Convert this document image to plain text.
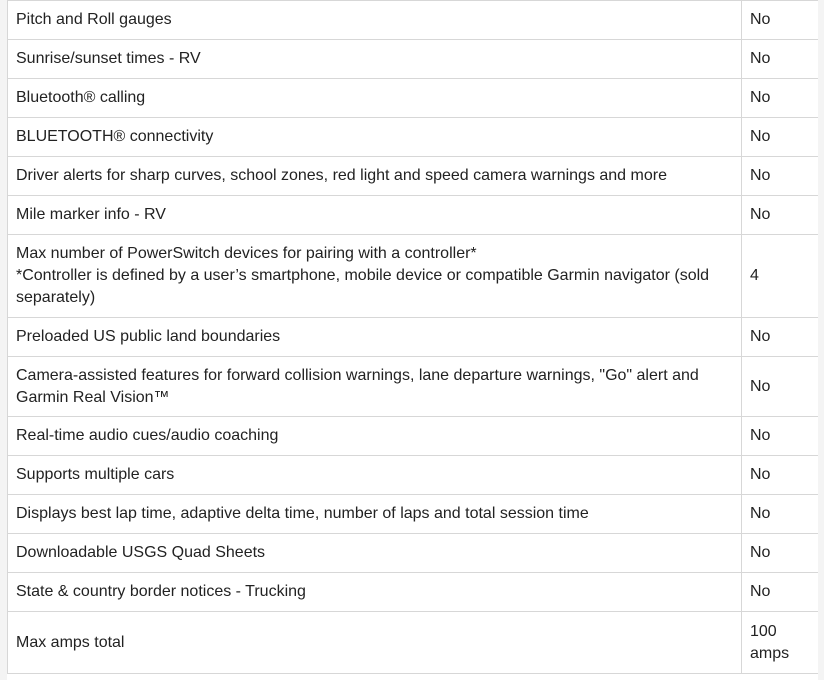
Pitch and Roll gauges	No
Sunrise/sunset times - RV	No
Bluetooth® calling	No
BLUETOOTH® connectivity	No
Driver alerts for sharp curves, school zones, red light and speed camera warnings and more	No
Mile marker info - RV	No

Max number of PowerSwitch devices for pairing with a controller*
*Controller is defined by a user’s smartphone, mobile device or compatible Garmin navigator (sold separately)	4
Preloaded US public land boundaries	No
Camera-assisted features for forward collision warnings, lane departure warnings, "Go" alert and Garmin Real Vision™	No
Real-time audio cues/audio coaching	No
Supports multiple cars	No
Displays best lap time, adaptive delta time, number of laps and total session time	No
Downloadable USGS Quad Sheets	No
State & country border notices - Trucking	No
Max amps total	100 amps
